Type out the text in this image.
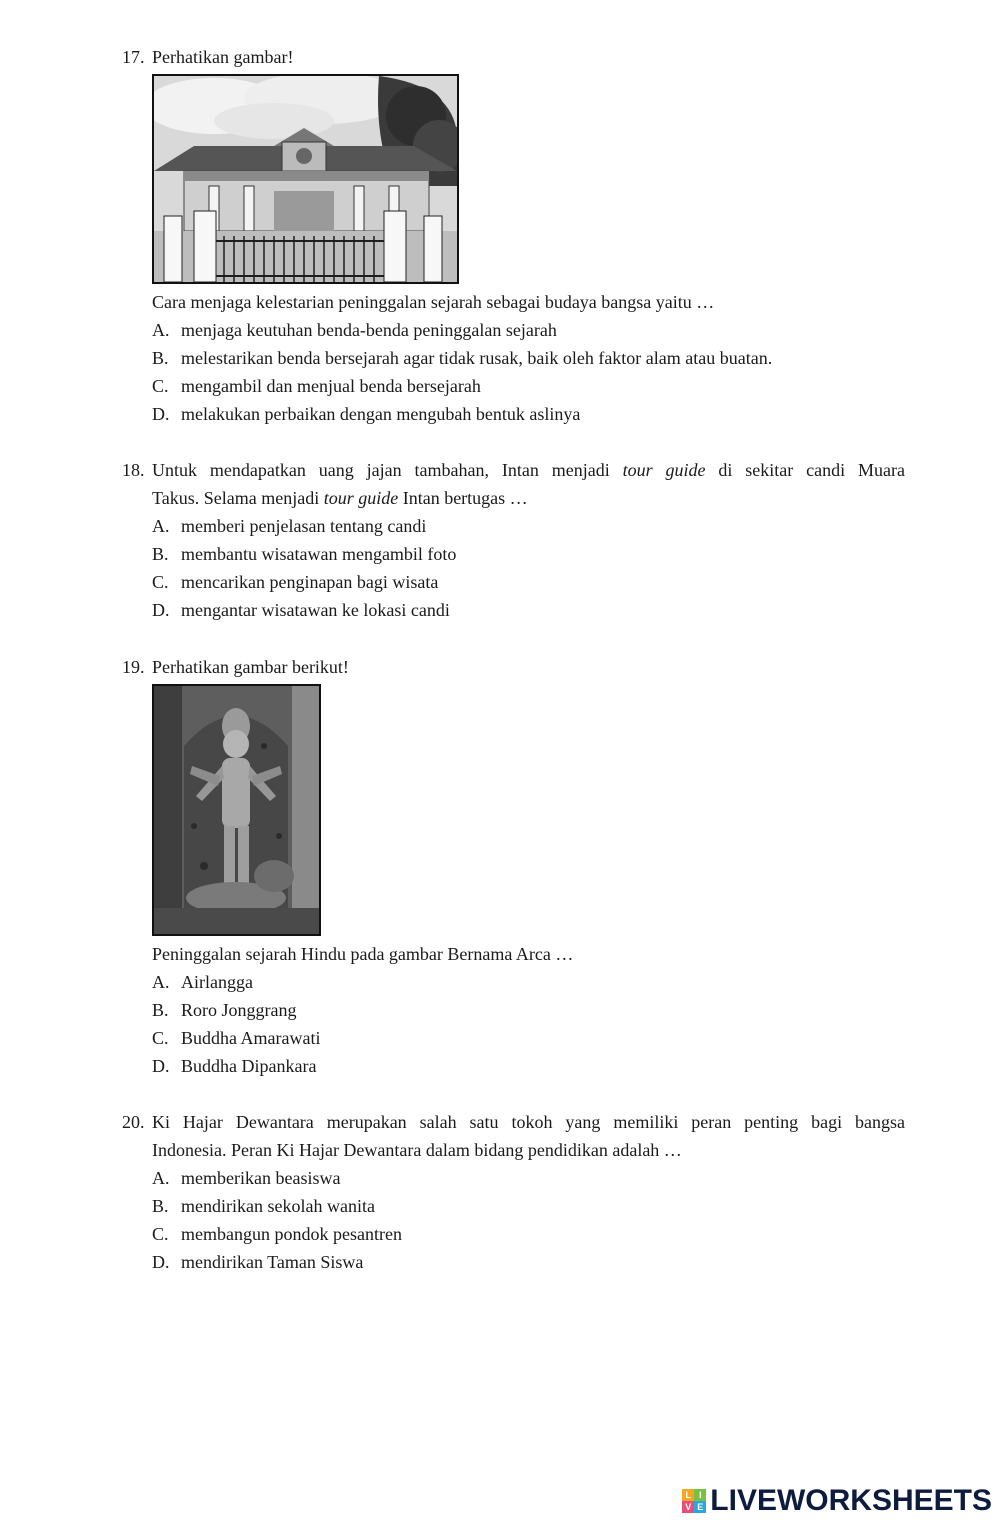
17. Perhatikan gambar!
Cara menjaga kelestarian peninggalan sejarah sebagai budaya bangsa yaitu …
A. menjaga keutuhan benda-benda peninggalan sejarah
B. melestarikan benda bersejarah agar tidak rusak, baik oleh faktor alam atau buatan.
C. mengambil dan menjual benda bersejarah
D. melakukan perbaikan dengan mengubah bentuk aslinya
18. Untuk mendapatkan uang jajan tambahan, Intan menjadi tour guide di sekitar candi Muara
Takus. Selama menjadi tour guide Intan bertugas …
A. memberi penjelasan tentang candi
B. membantu wisatawan mengambil foto
C. mencarikan penginapan bagi wisata
D. mengantar wisatawan ke lokasi candi
19. Perhatikan gambar berikut!
Peninggalan sejarah Hindu pada gambar Bernama Arca …
A. Airlangga
B. Roro Jonggrang
C. Buddha Amarawati
D. Buddha Dipankara
20. Ki Hajar Dewantara merupakan salah satu tokoh yang memiliki peran penting bagi bangsa
Indonesia. Peran Ki Hajar Dewantara dalam bidang pendidikan adalah …
A. memberikan beasiswa
B. mendirikan sekolah wanita
C. membangun pondok pesantren
D. mendirikan Taman Siswa
L I
V E LIVEWORKSHEETS
